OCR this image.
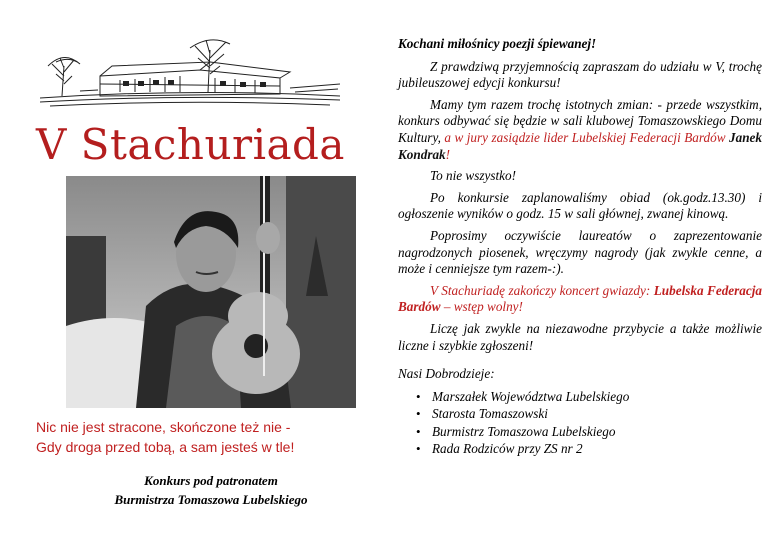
V Stachuriada
Nic nie jest stracone, skończone też nie -
Gdy droga przed tobą, a sam jesteś w tle!
Konkurs pod patronatem
Burmistrza Tomaszowa Lubelskiego

Kochani miłośnicy poezji śpiewanej!

Z prawdziwą przyjemnością zapraszam do udziału w V, trochę jubileuszowej edycji konkursu!

Mamy tym razem trochę istotnych zmian: - przede wszystkim, konkurs odbywać się będzie w sali klubowej Tomaszowskiego Domu Kultury, a w jury zasiądzie lider Lubelskiej Federacji Bardów Janek Kondrak!

To nie wszystko!

Po konkursie zaplanowaliśmy obiad (ok.godz.13.30) i ogłoszenie wyników o godz. 15 w sali głównej, zwanej kinową.

Poprosimy oczywiście laureatów o zaprezentowanie nagrodzonych piosenek, wręczymy nagrody (jak zwykle cenne, a może i cenniejsze tym razem-:).

V Stachuriadę zakończy koncert gwiazdy: Lubelska Federacja Bardów – wstęp wolny!

Liczę jak zwykle na niezawodne przybycie a także możliwie liczne i szybkie zgłoszeni!

Nasi Dobrodzieje:

• Marszałek Województwa Lubelskiego
• Starosta Tomaszowski
• Burmistrz Tomaszowa Lubelskiego
• Rada Rodziców przy ZS nr 2
